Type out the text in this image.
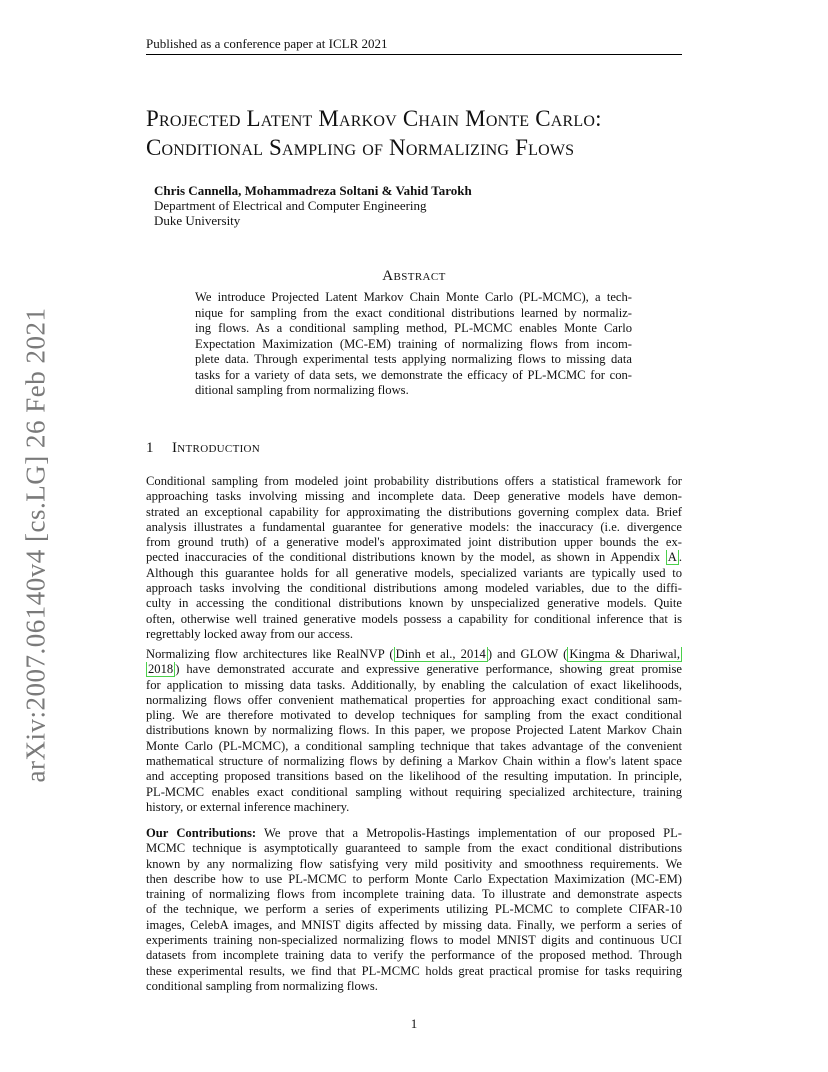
Published as a conference paper at ICLR 2021
Projected Latent Markov Chain Monte Carlo:
Conditional Sampling of Normalizing Flows
Chris Cannella, Mohammadreza Soltani & Vahid Tarokh
Department of Electrical and Computer Engineering
Duke University
Abstract
We introduce Projected Latent Markov Chain Monte Carlo (PL-MCMC), a tech-
nique for sampling from the exact conditional distributions learned by normaliz-
ing flows. As a conditional sampling method, PL-MCMC enables Monte Carlo
Expectation Maximization (MC-EM) training of normalizing flows from incom-
plete data. Through experimental tests applying normalizing flows to missing data
tasks for a variety of data sets, we demonstrate the efficacy of PL-MCMC for con-
ditional sampling from normalizing flows.
1 Introduction
Conditional sampling from modeled joint probability distributions offers a statistical framework for
approaching tasks involving missing and incomplete data. Deep generative models have demon-
strated an exceptional capability for approximating the distributions governing complex data. Brief
analysis illustrates a fundamental guarantee for generative models: the inaccuracy (i.e. divergence
from ground truth) of a generative model's approximated joint distribution upper bounds the ex-
pected inaccuracies of the conditional distributions known by the model, as shown in Appendix A .
Although this guarantee holds for all generative models, specialized variants are typically used to
approach tasks involving the conditional distributions among modeled variables, due to the diffi-
culty in accessing the conditional distributions known by unspecialized generative models. Quite
often, otherwise well trained generative models possess a capability for conditional inference that is
regrettably locked away from our access.
Normalizing flow architectures like RealNVP ( Dinh et al., 2014 ) and GLOW ( Kingma & Dhariwal,
2018 ) have demonstrated accurate and expressive generative performance, showing great promise
for application to missing data tasks. Additionally, by enabling the calculation of exact likelihoods,
normalizing flows offer convenient mathematical properties for approaching exact conditional sam-
pling. We are therefore motivated to develop techniques for sampling from the exact conditional
distributions known by normalizing flows. In this paper, we propose Projected Latent Markov Chain
Monte Carlo (PL-MCMC), a conditional sampling technique that takes advantage of the convenient
mathematical structure of normalizing flows by defining a Markov Chain within a flow's latent space
and accepting proposed transitions based on the likelihood of the resulting imputation. In principle,
PL-MCMC enables exact conditional sampling without requiring specialized architecture, training
history, or external inference machinery.
Our Contributions: We prove that a Metropolis-Hastings implementation of our proposed PL-
MCMC technique is asymptotically guaranteed to sample from the exact conditional distributions
known by any normalizing flow satisfying very mild positivity and smoothness requirements. We
then describe how to use PL-MCMC to perform Monte Carlo Expectation Maximization (MC-EM)
training of normalizing flows from incomplete training data. To illustrate and demonstrate aspects
of the technique, we perform a series of experiments utilizing PL-MCMC to complete CIFAR-10
images, CelebA images, and MNIST digits affected by missing data. Finally, we perform a series of
experiments training non-specialized normalizing flows to model MNIST digits and continuous UCI
datasets from incomplete training data to verify the performance of the proposed method. Through
these experimental results, we find that PL-MCMC holds great practical promise for tasks requiring
conditional sampling from normalizing flows.
arXiv:2007.06140v4 [cs.LG] 26 Feb 2021
1
